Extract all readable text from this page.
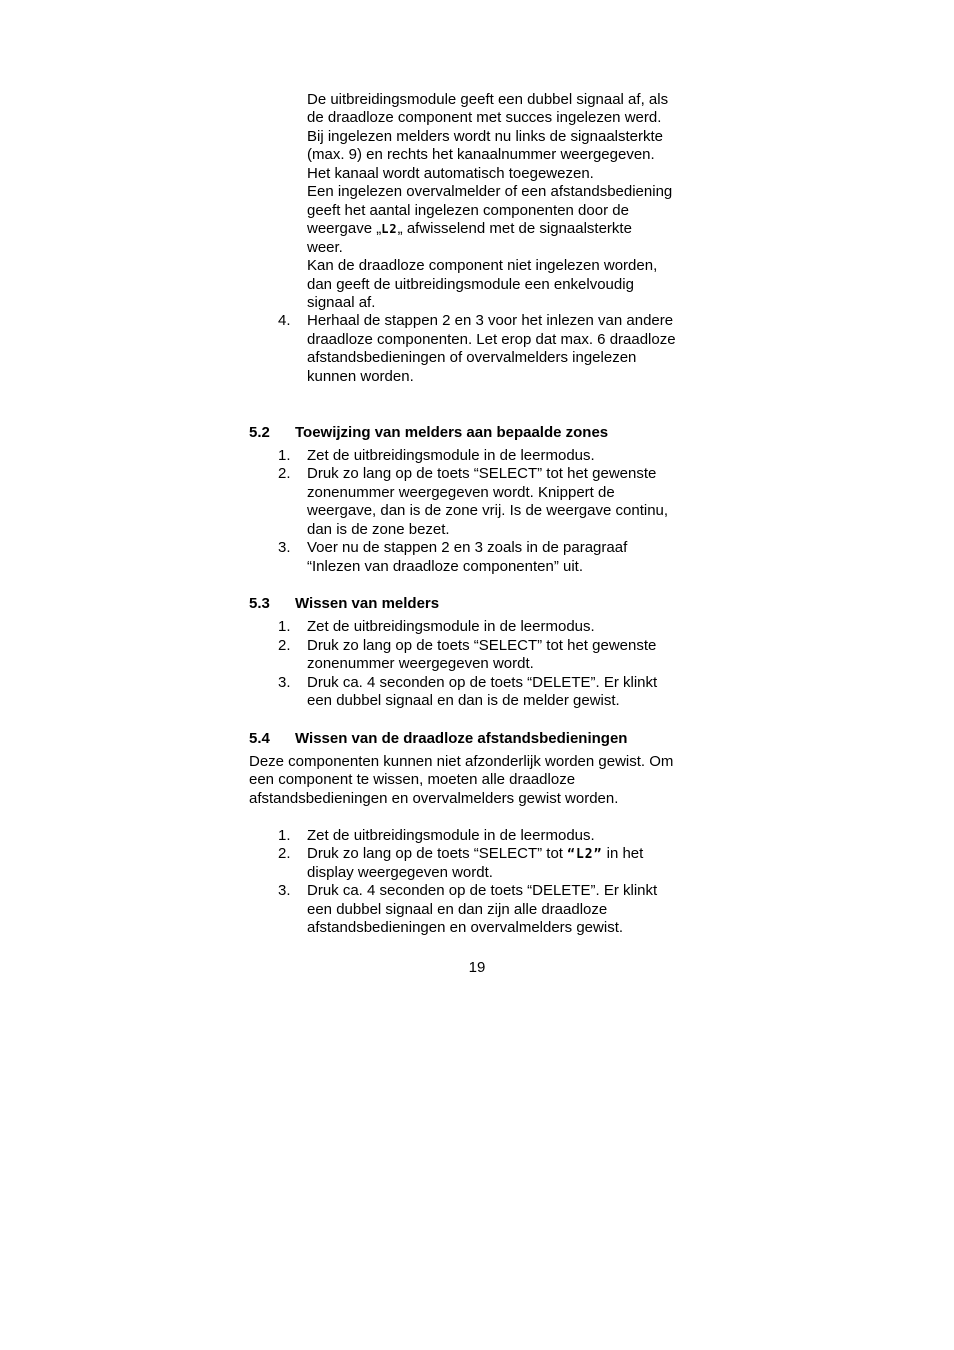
De uitbreidingsmodule geeft een dubbel signaal af, als
de draadloze component met succes ingelezen werd.
Bij ingelezen melders wordt nu links de signaalsterkte
(max. 9) en rechts het kanaalnummer weergegeven.
Het kanaal wordt automatisch toegewezen.
Een ingelezen overvalmelder of een afstandsbediening
geeft het aantal ingelezen componenten door de
weergave „L2„ afwisselend met de signaalsterkte
weer.
Kan de draadloze component niet ingelezen worden,
dan geeft de uitbreidingsmodule een enkelvoudig
signaal af.
4. Herhaal de stappen 2 en 3 voor het inlezen van andere
draadloze componenten. Let erop dat max. 6 draadloze
afstandsbedieningen of overvalmelders ingelezen
kunnen worden.
5.2 Toewijzing van melders aan bepaalde zones
1. Zet de uitbreidingsmodule in de leermodus.
2. Druk zo lang op de toets “SELECT” tot het gewenste
zonenummer weergegeven wordt. Knippert de
weergave, dan is de zone vrij. Is de weergave continu,
dan is de zone bezet.
3. Voer nu de stappen 2 en 3 zoals in de paragraaf
“Inlezen van draadloze componenten” uit.
5.3 Wissen van melders
1. Zet de uitbreidingsmodule in de leermodus.
2. Druk zo lang op de toets “SELECT” tot het gewenste
zonenummer weergegeven wordt.
3. Druk ca. 4 seconden op de toets “DELETE”. Er klinkt
een dubbel signaal en dan is de melder gewist.
5.4 Wissen van de draadloze afstandsbedieningen
Deze componenten kunnen niet afzonderlijk worden gewist. Om
een component te wissen, moeten alle draadloze
afstandsbedieningen en overvalmelders gewist worden.
1. Zet de uitbreidingsmodule in de leermodus.
2. Druk zo lang op de toets “SELECT” tot “L2” in het
display weergegeven wordt.
3. Druk ca. 4 seconden op de toets “DELETE”. Er klinkt
een dubbel signaal en dan zijn alle draadloze
afstandsbedieningen en overvalmelders gewist.
19
